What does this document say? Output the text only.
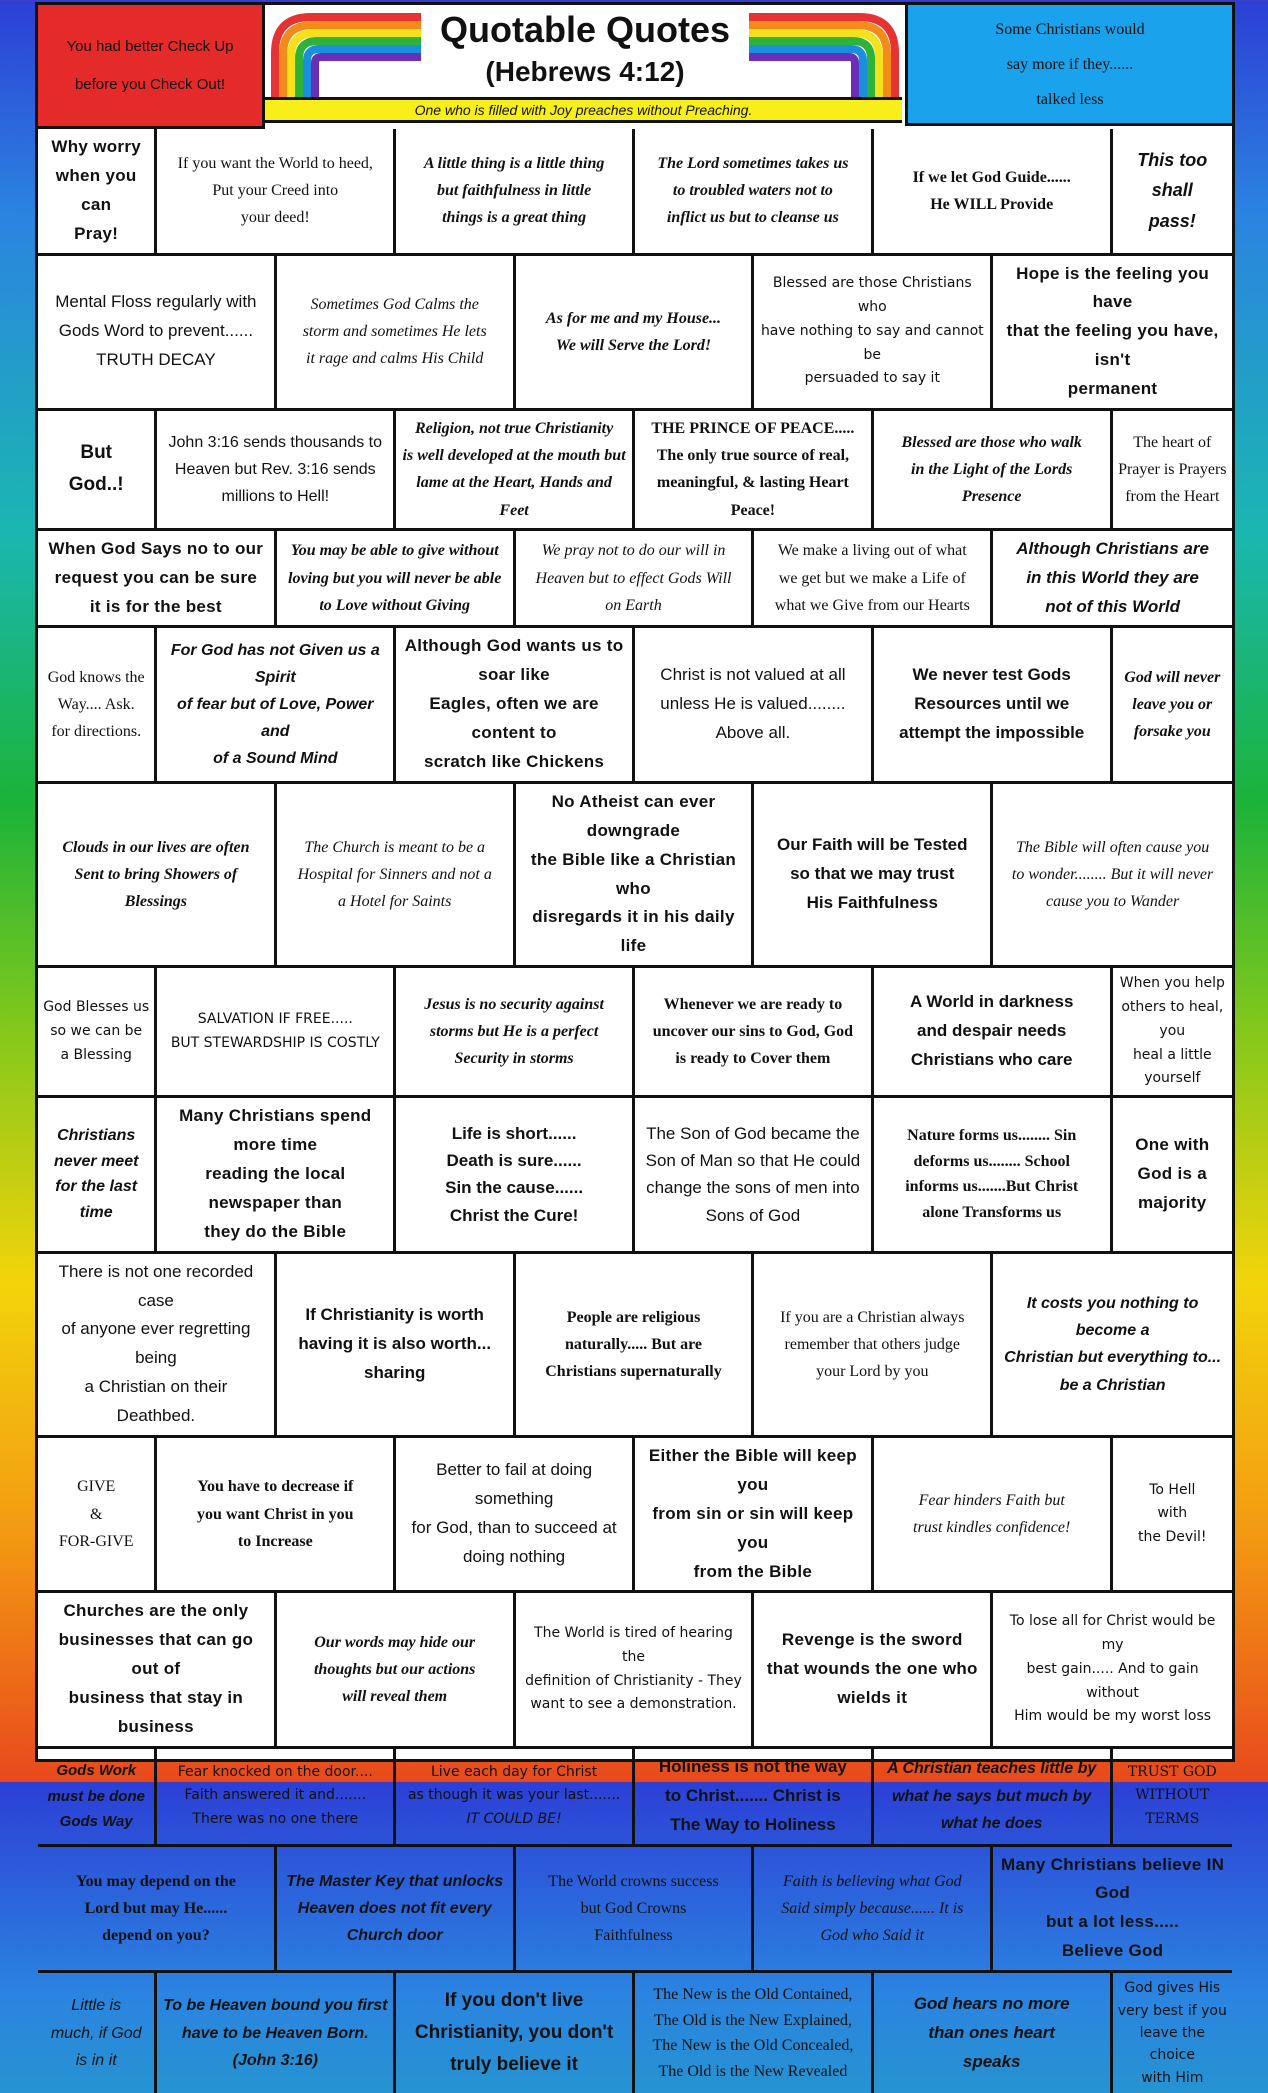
You had better Check Up
before you Check Out!
Quotable Quotes
(Hebrews 4:12)
One who is filled with Joy preaches without Preaching.
Some Christians would
say more if they......
talked less
Why worry
when you can
Pray!
If you want the World to heed,
Put your Creed into
your deed!
A little thing is a little thing
but faithfulness in little
things is a great thing
The Lord sometimes takes us
to troubled waters not to
inflict us but to cleanse us
If we let God Guide......
He WILL Provide
This too
shall
pass!
Mental Floss regularly with
Gods Word to prevent......
TRUTH DECAY
Sometimes God Calms the
storm and sometimes He lets
it rage and calms His Child
As for me and my House...
We will Serve the Lord!
Blessed are those Christians who
have nothing to say and cannot be
persuaded to say it
Hope is the feeling you have
that the feeling you have, isn't
permanent
But
God..!
John 3:16 sends thousands to
Heaven but Rev. 3:16 sends
millions to Hell!
Religion, not true Christianity
is well developed at the mouth but
lame at the Heart, Hands and Feet
THE PRINCE OF PEACE.....
The only true source of real,
meaningful, & lasting Heart Peace!
Blessed are those who walk
in the Light of the Lords
Presence
The heart of
Prayer is Prayers
from the Heart
When God Says no to our
request you can be sure
it is for the best
You may be able to give without
loving but you will never be able
to Love without Giving
We pray not to do our will in
Heaven but to effect Gods Will
on Earth
We make a living out of what
we get but we make a Life of
what we Give from our Hearts
Although Christians are
in this World they are
not of this World
God knows the
Way.... Ask.
for directions.
For God has not Given us a Spirit
of fear but of Love, Power and
of a Sound Mind
Although God wants us to soar like
Eagles, often we are content to
scratch like Chickens
Christ is not valued at all
unless He is valued........
Above all.
We never test Gods
Resources until we
attempt the impossible
God will never
leave you or
forsake you
Clouds in our lives are often
Sent to bring Showers of
Blessings
The Church is meant to be a
Hospital for Sinners and not a
a Hotel for Saints
No Atheist can ever downgrade
the Bible like a Christian who
disregards it in his daily life
Our Faith will be Tested
so that we may trust
His Faithfulness
The Bible will often cause you
to wonder........ But it will never
cause you to Wander
God Blesses us
so we can be
a Blessing
SALVATION IF FREE.....
BUT STEWARDSHIP IS COSTLY
Jesus is no security against
storms but He is a perfect
Security in storms
Whenever we are ready to
uncover our sins to God, God
is ready to Cover them
A World in darkness
and despair needs
Christians who care
When you help
others to heal, you
heal a little yourself
Christians
never meet
for the last
time
Many Christians spend more time
reading the local newspaper than
they do the Bible
Life is short......
Death is sure......
Sin the cause......
Christ the Cure!
The Son of God became the
Son of Man so that He could
change the sons of men into
Sons of God
Nature forms us........ Sin
deforms us........ School
informs us.......But Christ
alone Transforms us
One with
God is a
majority
There is not one recorded case
of anyone ever regretting being
a Christian on their Deathbed.
If Christianity is worth
having it is also worth...
sharing
People are religious
naturally..... But are
Christians supernaturally
If you are a Christian always
remember that others judge
your Lord by you
It costs you nothing to become a
Christian but everything to...
be a Christian
GIVE
&
FOR-GIVE
You have to decrease if
you want Christ in you
to Increase
Better to fail at doing something
for God, than to succeed at
doing nothing
Either the Bible will keep you
from sin or sin will keep you
from the Bible
Fear hinders Faith but
trust kindles confidence!
To Hell
with
the Devil!
Churches are the only
businesses that can go out of
business that stay in business
Our words may hide our
thoughts but our actions
will reveal them
The World is tired of hearing the
definition of Christianity - They
want to see a demonstration.
Revenge is the sword
that wounds the one who
wields it
To lose all for Christ would be my
best gain..... And to gain without
Him would be my worst loss
Gods Work
must be done
Gods Way
Fear knocked on the door....
Faith answered it and.......
There was no one there
Live each day for Christ
as though it was your last.......
IT COULD BE!
Holiness is not the way
to Christ....... Christ is
The Way to Holiness
A Christian teaches little by
what he says but much by
what he does
TRUST GOD
WITHOUT
TERMS
You may depend on the
Lord but may He......
depend on you?
The Master Key that unlocks
Heaven does not fit every
Church door
The World crowns success
but God Crowns
Faithfulness
Faith is believing what God
Said simply because...... It is
God who Said it
Many Christians believe IN God
but a lot less.....
Believe God
Little is
much, if God
is in it
To be Heaven bound you first
have to be Heaven Born.
(John 3:16)
If you don't live
Christianity, you don't
truly believe it
The New is the Old Contained,
The Old is the New Explained,
The New is the Old Concealed,
The Old is the New Revealed
God hears no more
than ones heart
speaks
God gives His
very best if you
leave the choice
with Him
